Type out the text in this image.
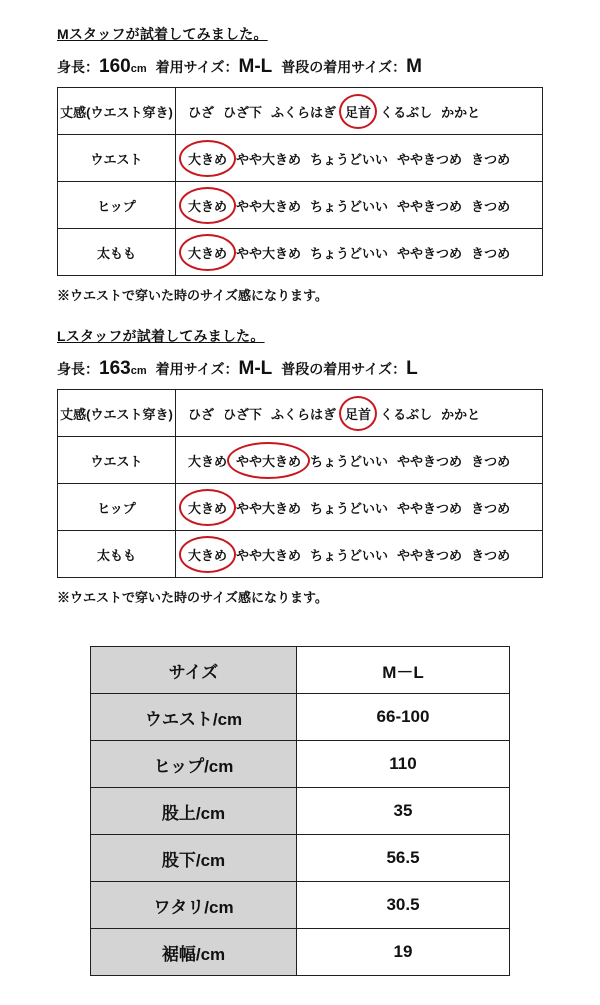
Mスタッフが試着してみました。
身長：160cm 着用サイズ：M-L 普段の着用サイズ：M
丈感(ウエスト穿き)	ひざ ひざ下 ふくらはぎ 足首 くるぶし かかと
ウエスト	大きめ やや大きめ ちょうどいい ややきつめ きつめ
ヒップ	大きめ やや大きめ ちょうどいい ややきつめ きつめ
太もも	大きめ やや大きめ ちょうどいい ややきつめ きつめ
※ウエストで穿いた時のサイズ感になります。
Lスタッフが試着してみました。
身長：163cm 着用サイズ：M-L 普段の着用サイズ：L
丈感(ウエスト穿き)	ひざ ひざ下 ふくらはぎ 足首 くるぶし かかと
ウエスト	大きめ やや大きめ ちょうどいい ややきつめ きつめ
ヒップ	大きめ やや大きめ ちょうどいい ややきつめ きつめ
太もも	大きめ やや大きめ ちょうどいい ややきつめ きつめ
※ウエストで穿いた時のサイズ感になります。
サイズ	M－L
ウエスト/cm	66-100
ヒップ/cm	110
股上/cm	35
股下/cm	56.5
ワタリ/cm	30.5
裾幅/cm	19
